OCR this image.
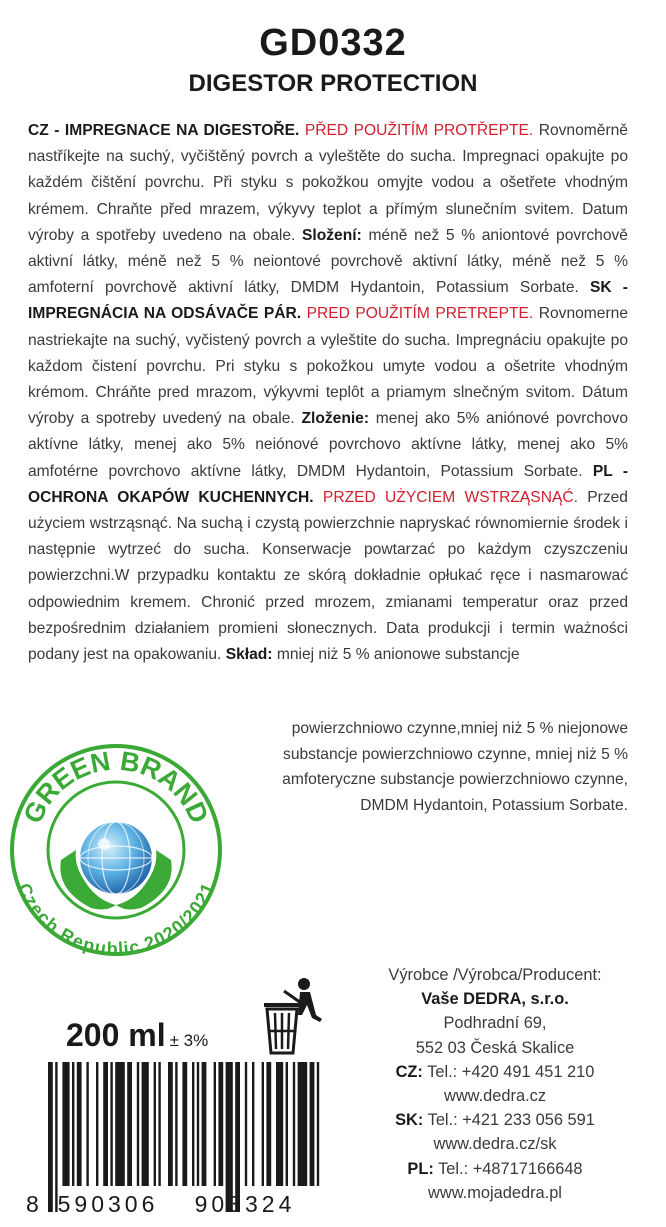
GD0332
DIGESTOR PROTECTION
CZ - IMPREGNACE NA DIGESTOŘE. PŘED POUŽITÍM PROTŘEPTE. Rovnoměrně nastříkejte na suchý, vyčištěný povrch a vyleštěte do sucha. Impregnaci opakujte po každém čištění povrchu. Při styku s pokožkou omyjte vodou a ošetřete vhodným krémem. Chraňte před mrazem, výkyvy teplot a přímým slunečním svitem. Datum výroby a spotřeby uvedeno na obale. Složení: méně než 5 % aniontové povrchově aktivní látky, méně než 5 % neiontové povrchově aktivní látky, méně než 5 % amfoterní povrchově aktivní látky, DMDM Hydantoin, Potassium Sorbate. SK - IMPREGNÁCIA NA ODSÁVAČE PÁR. PRED POUŽITÍM PRETREPTE. Rovnomerne nastriekajte na suchý, vyčistený povrch a vyleštite do sucha. Impregnáciu opakujte po každom čistení povrchu. Pri styku s pokožkou umyte vodou a ošetrite vhodným krémom. Chráňte pred mrazom, výkyvmi teplôt a priamym slnečným svitom. Dátum výroby a spotreby uvedený na obale. Zloženie: menej ako 5% aniónové povrchovo aktívne látky, menej ako 5% neiónové povrchovo aktívne látky, menej ako 5% amfotérne povrchovo aktívne látky, DMDM Hydantoin, Potassium Sorbate. PL - OCHRONA OKAPÓW KUCHENNYCH. PRZED UŻYCIEM WSTRZĄSNĄĆ. Przed użyciem wstrząsnąć. Na suchą i czystą powierzchnie napryskać równomiernie środek i następnie wytrzeć do sucha. Konserwacje powtarzać po każdym czyszczeniu powierzchni.W przypadku kontaktu ze skórą dokładnie opłukać ręce i nasmarować odpowiednim kremem. Chronić przed mrozem, zmianami temperatur oraz przed bezpośrednim działaniem promieni słonecznych. Data produkcji i termin ważności podany jest na opakowaniu. Skład: mniej niż 5 % anionowe substancje
powierzchniowo czynne,mniej niż 5 % niejonowe
substancje powierzchniowo czynne, mniej niż 5 %
amfoteryczne substancje powierzchniowo czynne,
DMDM Hydantoin, Potassium Sorbate.
GREEN BRAND
Czech Republic 2020/2021
200 ml ± 3%
8 590306 903324
Výrobce /Výrobca/Producent:
Vaše DEDRA, s.r.o.
Podhradní 69,
552 03 Česká Skalice
CZ: Tel.: +420 491 451 210
www.dedra.cz
SK: Tel.: +421 233 056 591
www.dedra.cz/sk
PL: Tel.: +48717166648
www.mojadedra.pl
